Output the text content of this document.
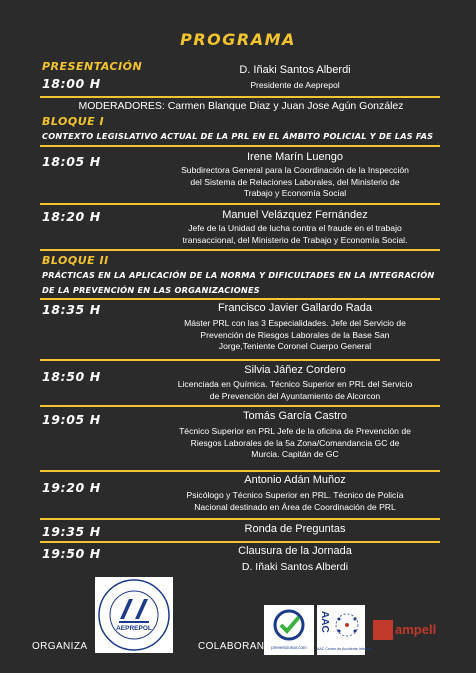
PROGRAMA
PRESENTACIÓN
18:00 H
D. Iñaki Santos Alberdi
Presidente de Aeprepol
MODERADORES: Carmen Blanque Diaz y Juan Jose Agún González
BLOQUE I
CONTEXTO LEGISLATIVO ACTUAL DE LA PRL EN EL ÁMBITO POLICIAL Y DE LAS FAS
18:05 H	Irene Marín Luengo
Subdirectora General para la Coordinación de la Inspección
del Sistema de Relaciones Laborales, del Ministerio de
Trabajo y Economía Social
18:20 H	Manuel Velázquez Fernández
Jefe de la Unidad de lucha contra el fraude en el trabajo
transaccional, del Ministerio de Trabajo y Economía Social.
BLOQUE II
PRÁCTICAS EN LA APLICACIÓN DE LA NORMA Y DIFICULTADES EN LA INTEGRACIÓN
DE LA PREVENCIÓN EN LAS ORGANIZACIONES
18:35 H	Francisco Javier Gallardo Rada
Máster PRL con las 3 Especialidades. Jefe del Servicio de
Prevención de Riesgos Laborales de la Base San
Jorge,Teniente Coronel Cuerpo General
18:50 H	Silvia Jáñez Cordero
Licenciada en Química. Técnico Superior en PRL del Servicio
de Prevención del Ayuntamiento de Alcorcon
19:05 H	Tomás García Castro
Técnico Superior en PRL Jefe de la oficina de Prevención de
Riesgos Laborales de la 5a Zona/Comandancia GC de
Murcia. Capitán de GC
19:20 H	Antonio Adán Muñoz
Psicólogo y Técnico Superior en PRL. Técnico de Policía
Nacional destinado en Área de Coordinación de PRL
19:35 H	Ronda de Preguntas
19:50 H	Clausura de la Jornada
D. Iñaki Santos Alberdi
ORGANIZA
AEPREPOL
COLABORAN	prevencionar.com
AAC
AAC Centro de Accidente Infrontal
ampell
